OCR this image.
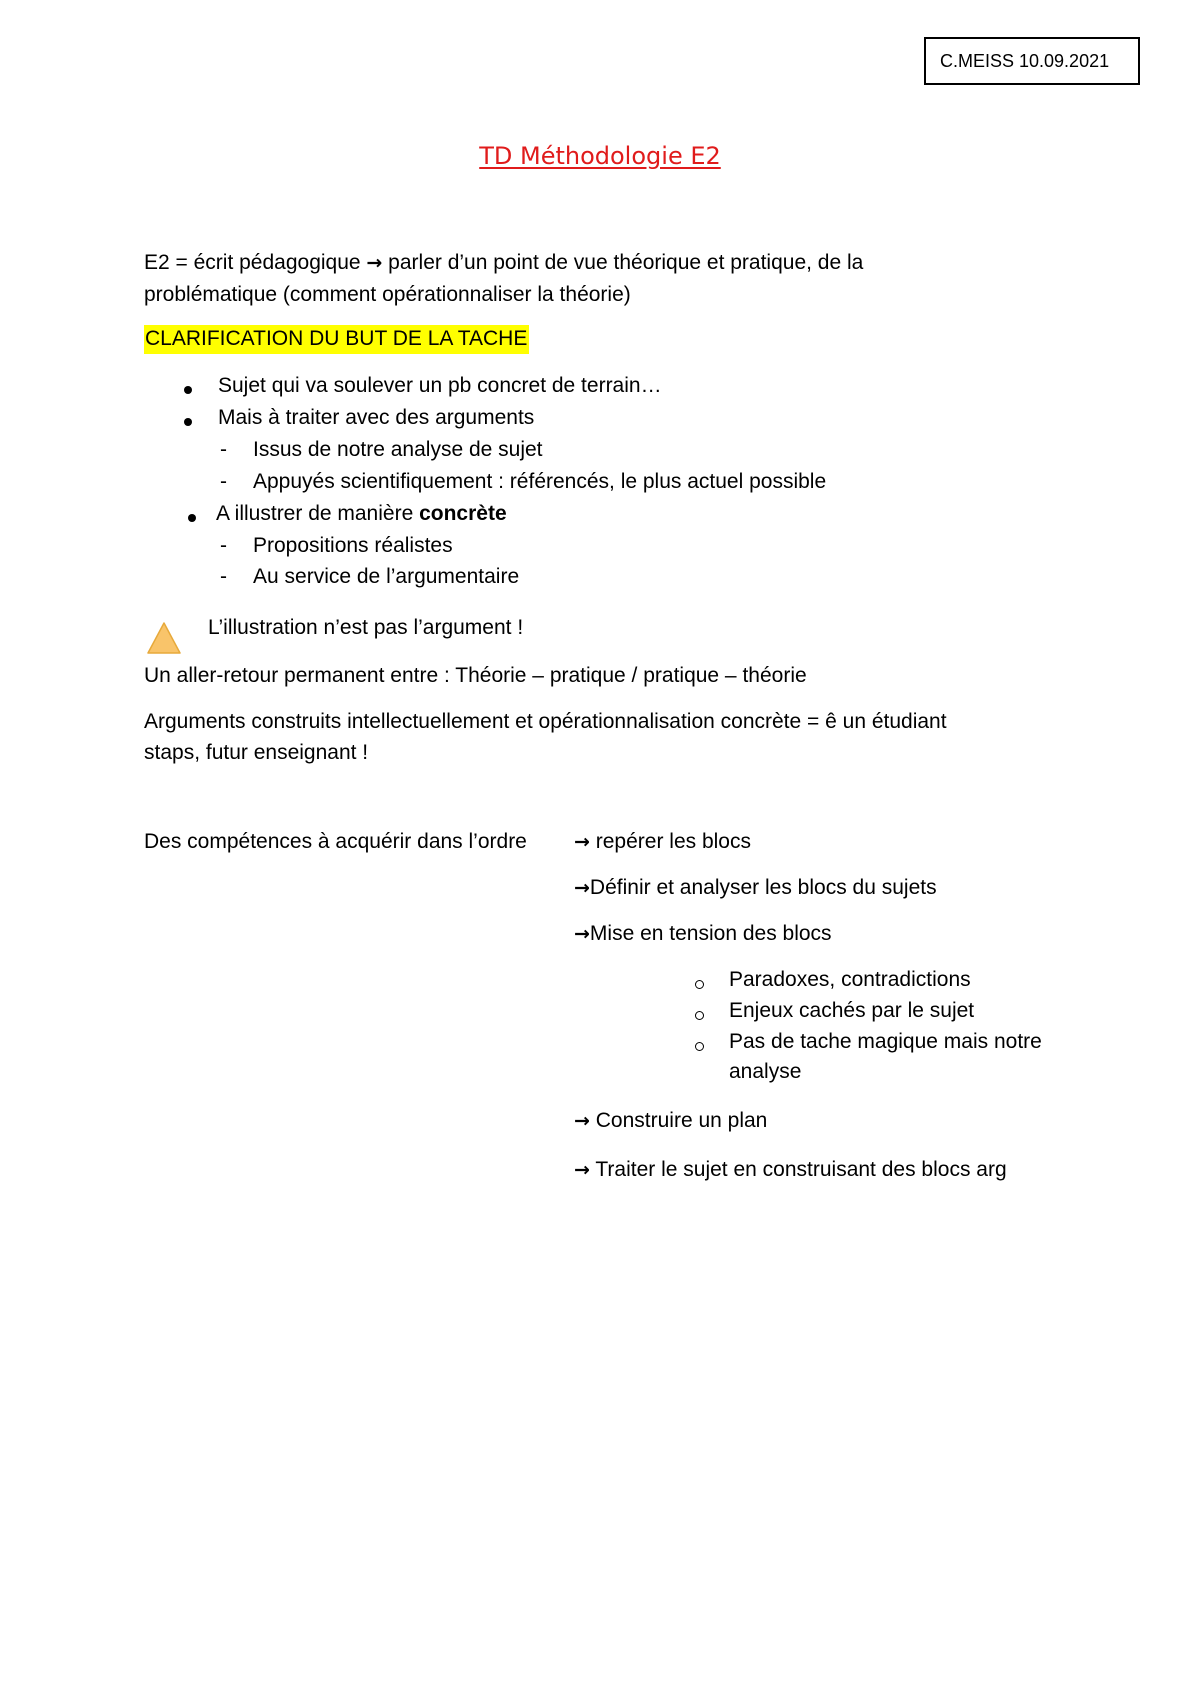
C.MEISS 10.09.2021
TD Méthodologie E2
E2 = écrit pédagogique → parler d’un point de vue théorique et pratique, de la
problématique (comment opérationnaliser la théorie)
CLARIFICATION DU BUT DE LA TACHE
Sujet qui va soulever un pb concret de terrain…
Mais à traiter avec des arguments
- Issus de notre analyse de sujet
- Appuyés scientifiquement : référencés, le plus actuel possible
A illustrer de manière concrète
- Propositions réalistes
- Au service de l’argumentaire
L’illustration n’est pas l’argument !
Un aller-retour permanent entre : Théorie – pratique / pratique – théorie
Arguments construits intellectuellement et opérationnalisation concrète = ê un étudiant
staps, futur enseignant !
Des compétences à acquérir dans l’ordre → repérer les blocs
→Définir et analyser les blocs du sujets
→Mise en tension des blocs
Paradoxes, contradictions
Enjeux cachés par le sujet
Pas de tache magique mais notre
analyse
→ Construire un plan
→ Traiter le sujet en construisant des blocs arg
